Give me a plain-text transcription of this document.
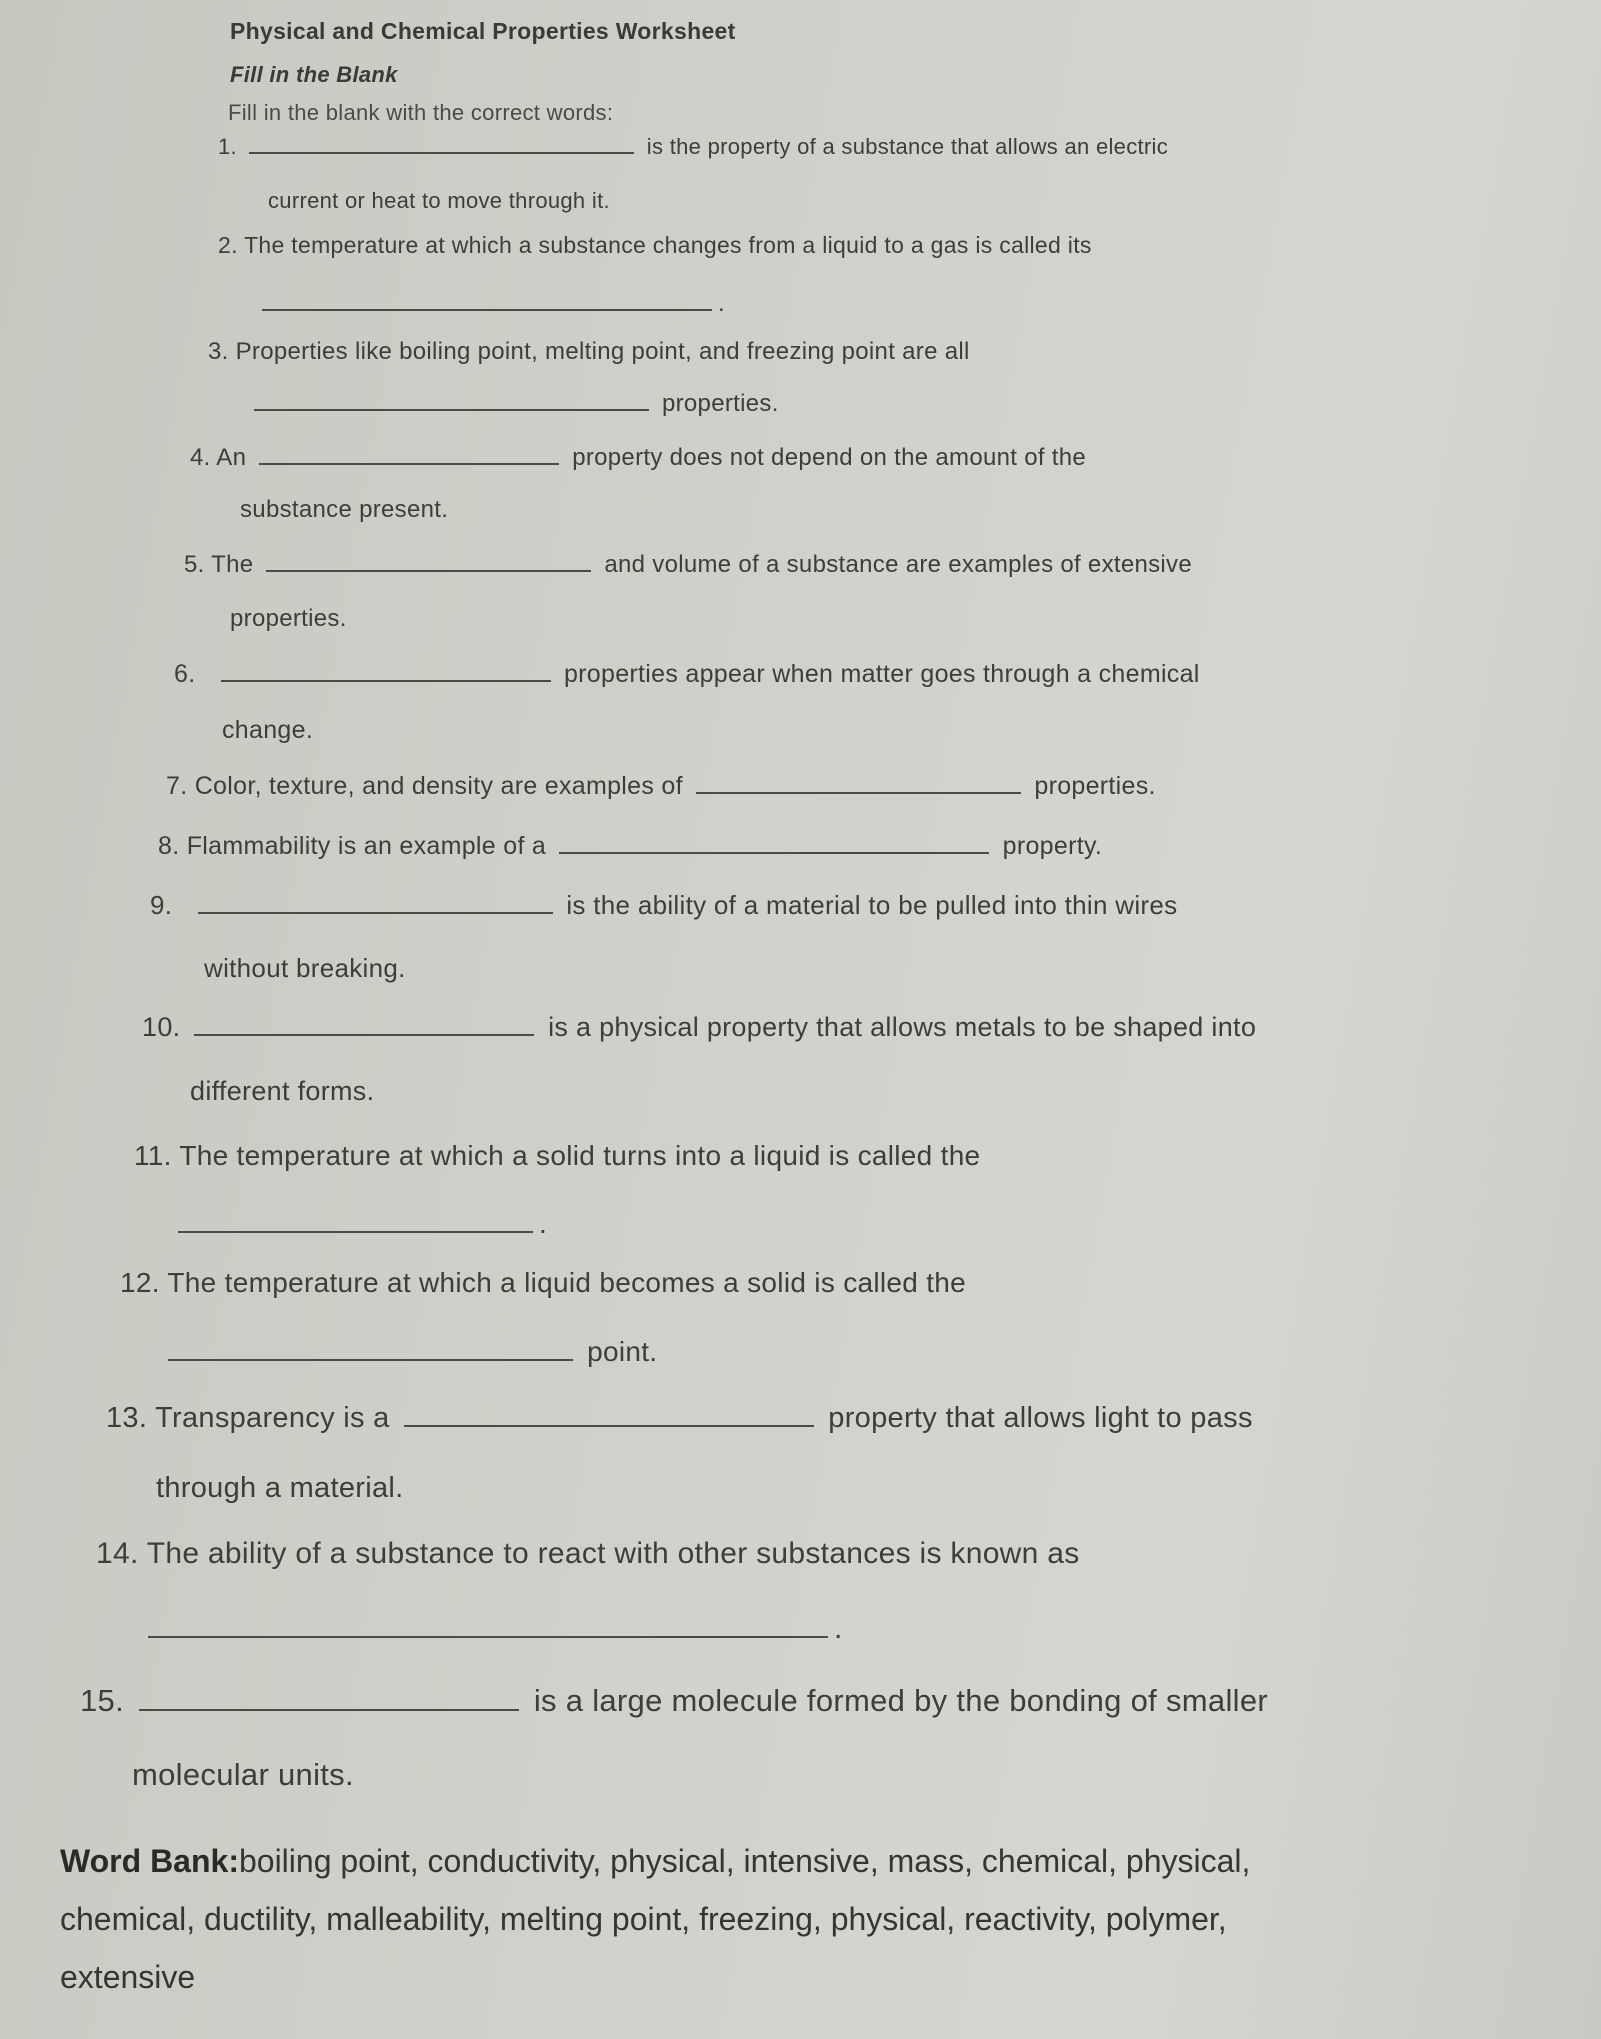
Physical and Chemical Properties Worksheet
Fill in the Blank
Fill in the blank with the correct words:
1.	is the property of a substance that allows an electric
current or heat to move through it.
2. The temperature at which a substance changes from a liquid to a gas is called its
.
3. Properties like boiling point, melting point, and freezing point are all
properties.
4. An	property does not depend on the amount of the
substance present.
5. The	and volume of a substance are examples of extensive
properties.
6.	properties appear when matter goes through a chemical
change.
7. Color, texture, and density are examples of	properties.
8. Flammability is an example of a	property.
9.	is the ability of a material to be pulled into thin wires
without breaking.
10.	is a physical property that allows metals to be shaped into
different forms.
11. The temperature at which a solid turns into a liquid is called the
.
12. The temperature at which a liquid becomes a solid is called the
point.
13. Transparency is a	property that allows light to pass
through a material.
14. The ability of a substance to react with other substances is known as
.
15.	is a large molecule formed by the bonding of smaller
molecular units.
Word Bank:boiling point, conductivity, physical, intensive, mass, chemical, physical,
chemical, ductility, malleability, melting point, freezing, physical, reactivity, polymer,
extensive
